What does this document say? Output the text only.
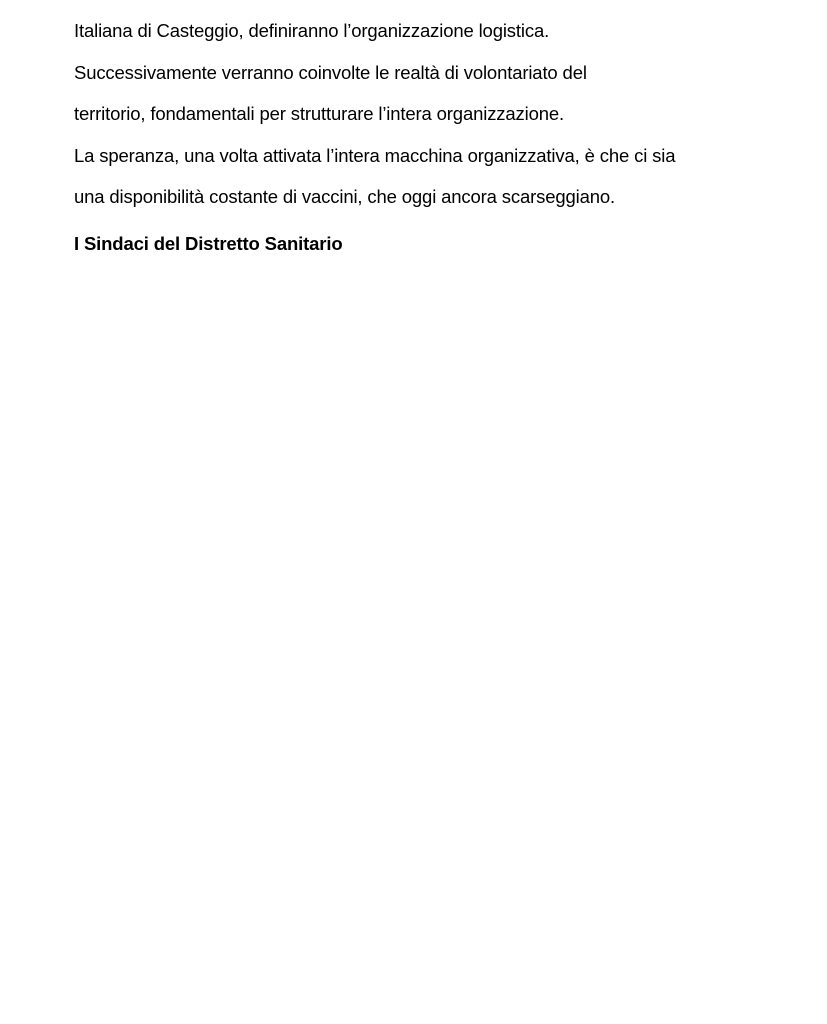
Italiana di Casteggio, definiranno l’organizzazione logistica.
Successivamente verranno coinvolte le realtà di volontariato del
territorio, fondamentali per strutturare l’intera organizzazione.
La speranza, una volta attivata l’intera macchina organizzativa, è che ci sia
una disponibilità costante di vaccini, che oggi ancora scarseggiano.
I Sindaci del Distretto Sanitario
